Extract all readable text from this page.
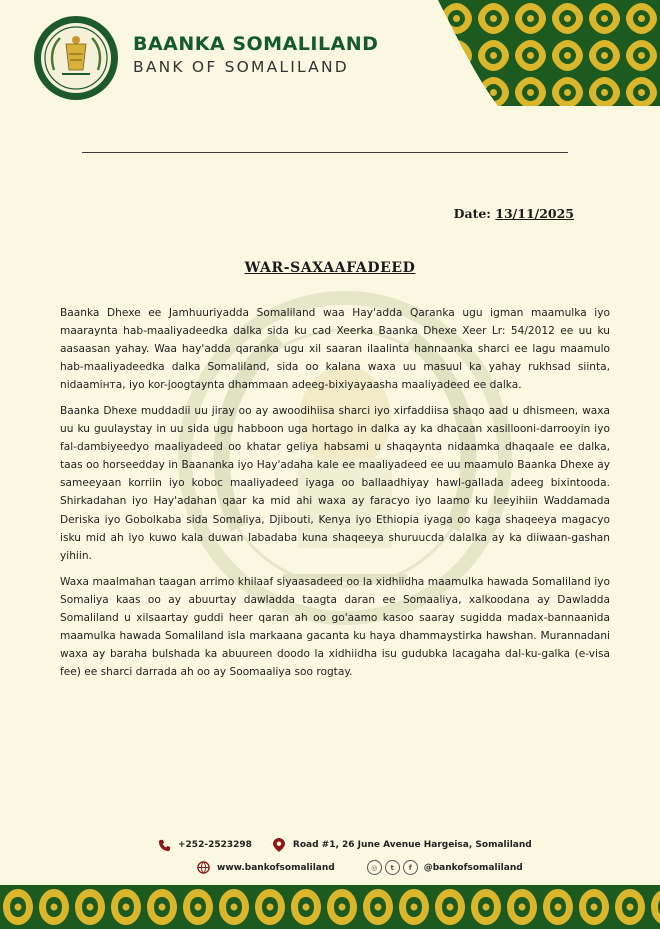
BAANKA SOMALILAND
BANK OF SOMALILAND
Date: 13/11/2025
WAR-SAXAAFADEED

Baanka Dhexe ee Jamhuuriyadda Somaliland waa Hay'adda Qaranka ugu igman maamulka iyo maaraynta hab-maaliyadeedka dalka sida ku cad Xeerka Baanka Dhexe Xeer Lr: 54/2012 ee uu ku aasaasan yahay. Waa hay'adda qaranka ugu xil saaran ilaalinta hannaanka sharci ee lagu maamulo hab-maaliyadeedka dalka Somaliland, sida oo kalana waxa uu masuul ka yahay rukhsad siinta, nidaamінта, iyo kor-joogtaynta dhammaan adeeg-bixiyayaasha maaliyadeed ee dalka.

Baanka Dhexe muddadii uu jiray oo ay awoodihiisa sharci iyo xirfaddiisa shaqo aad u dhismeen, waxa uu ku guulaystay in uu sida ugu habboon uga hortago in dalka ay ka dhacaan xasillooni-darrooyin iyo fal-dambiyeedyo maaliyadeed oo khatar geliya habsami u shaqaynta nidaamka dhaqaale ee dalka, taas oo horseedday in Baananka iyo Hay'adaha kale ee maaliyadeed ee uu maamulo Baanka Dhexe ay sameeyaan korriin iyo koboc maaliyadeed iyaga oo ballaadhiyay hawl-gallada adeeg bixintooda. Shirkadahan iyo Hay'adahan qaar ka mid ahi waxa ay faracyo iyo laamo ku leeyihiin Waddamada Deriska iyo Gobolkaba sida Somaliya, Djibouti, Kenya iyo Ethiopia iyaga oo kaga shaqeeya magacyo isku mid ah iyo kuwo kala duwan labadaba kuna shaqeeya shuruucda dalalka ay ka diiwaan-gashan yihiin.

Waxa maalmahan taagan arrimo khilaaf siyaasadeed oo la xidhiidha maamulka hawada Somaliland iyo Somaliya kaas oo ay abuurtay dawladda taagta daran ee Somaaliya, xalkoodana ay Dawladda Somaliland u xilsaartay guddi heer qaran ah oo go'aamo kasoo saaray sugidda madax-bannaanida maamulka hawada Somaliland isla markaana gacanta ku haya dhammaystirka hawshan. Murannadani waxa ay baraha bulshada ka abuureen doodo la xidhiidha isu gudubka lacagaha dal-ku-galka (e-visa fee) ee sharci darrada ah oo ay Soomaaliya soo rogtay.

+252-2523298	Road #1, 26 June Avenue Hargeisa, Somaliland
www.bankofsomaliland	◎	t	f	@bankofsomaliland
